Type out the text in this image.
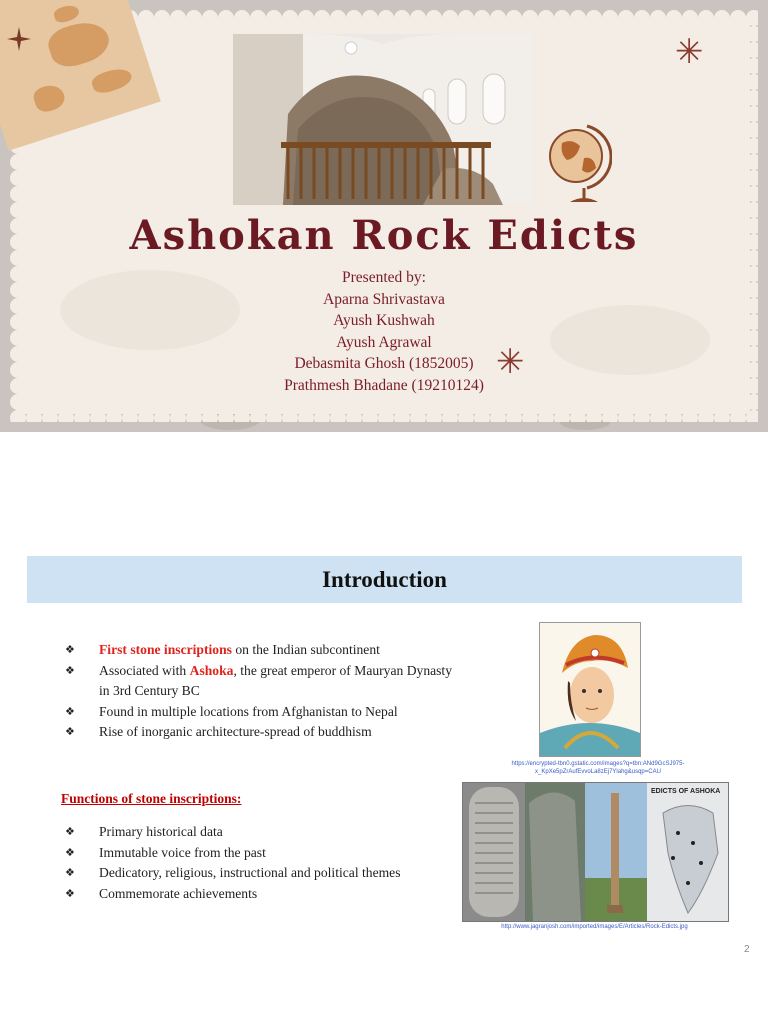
✳
✳
Ashokan Rock Edicts
Presented by:
Aparna Shrivastava
Ayush Kushwah
Ayush Agrawal
Debasmita Ghosh (1852005)
Prathmesh Bhadane (19210124)
Introduction
❖ First stone inscriptions on the Indian subcontinent
❖ Associated with Ashoka, the great emperor of Mauryan Dynasty in 3rd Century BC
❖ Found in multiple locations from Afghanistan to Nepal
❖ Rise of inorganic architecture-spread of buddhism
https://encrypted-tbn0.gstatic.com/images?q=tbn:ANd9GcSJ975-x_KpXe5pZrAufEvvoLa8zEj7Ylahg&usqp=CAU
Functions of stone inscriptions:
❖ Primary historical data
❖ Immutable voice from the past
❖ Dedicatory, religious, instructional and political themes
❖ Commemorate achievements
EDICTS OF ASHOKA
http://www.jagranjosh.com/imported/images/E/Articles/Rock-Edicts.jpg
2
